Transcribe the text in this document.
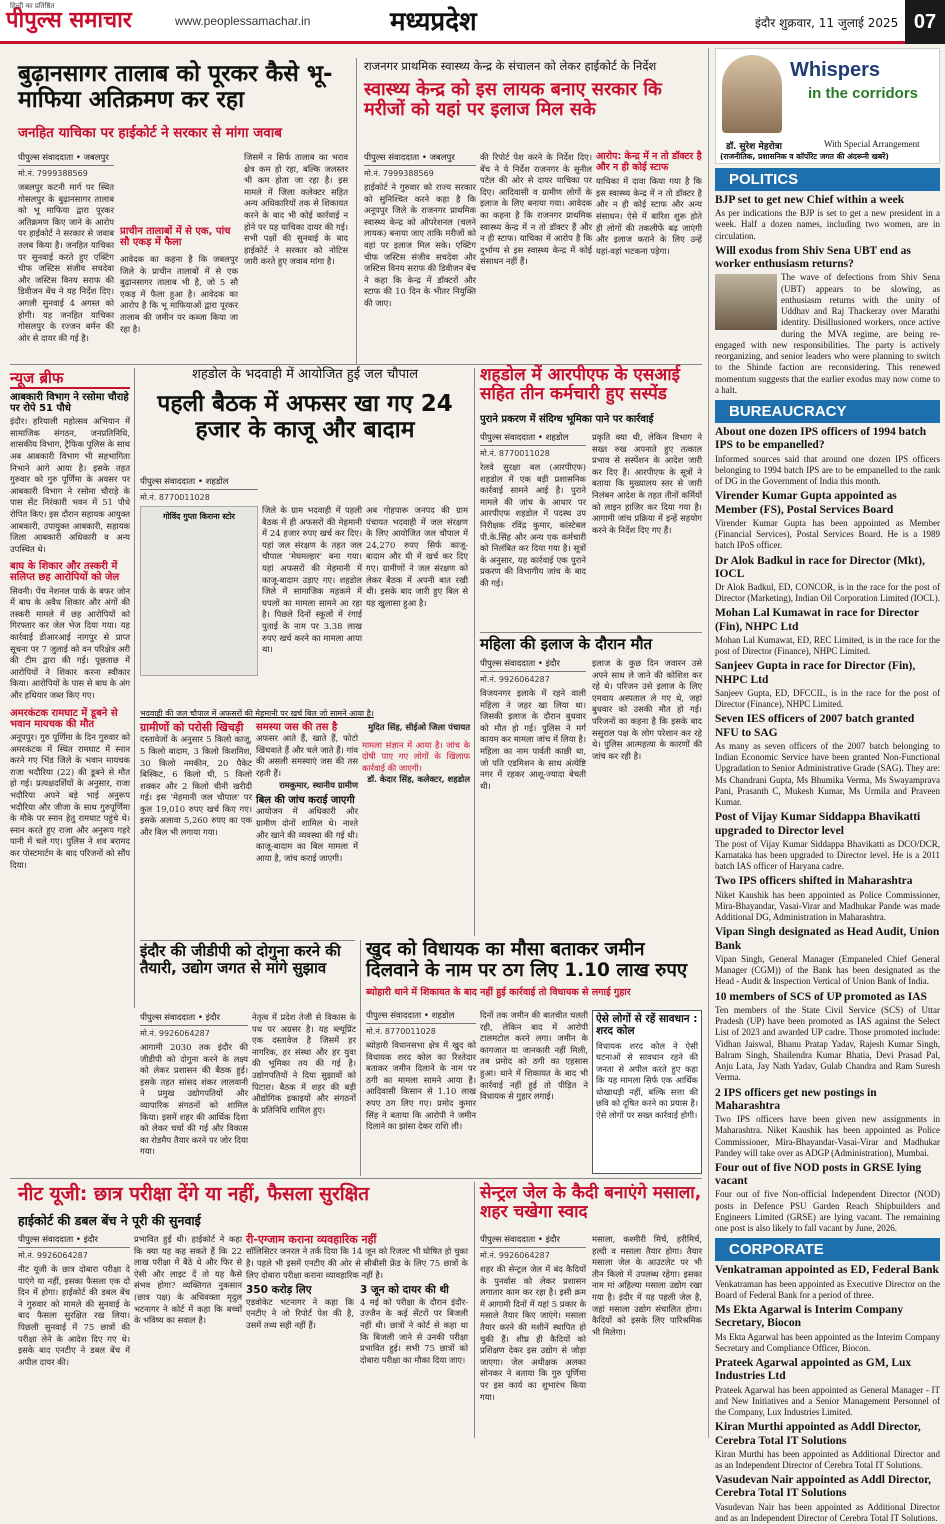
हिन्दी का प्रतिष्ठित
पीपुल्स समाचार	www.peoplessamachar.in	मध्यप्रदेश	इंदौर शुक्रवार, 11 जुलाई 2025 07
बुढ़ानसागर तालाब को पूरकर कैसे भू- माफिया अतिक्रमण कर रहा
जनहित याचिका पर हाईकोर्ट ने सरकार से मांगा जवाब
पीपुल्स संवाददाता • जबलपुर
मो.नं. 7999388569
जबलपुर कटनी मार्ग पर स्थित गोसलपुर के बुढ़ानसागर तालाब को भू माफिया द्वारा पूरकर अतिक्रमण किए जाने के आरोप पर हाईकोर्ट ने सरकार से जवाब तलब किया है। जनहित याचिका पर सुनवाई करते हुए एक्टिंग चीफ जस्टिस संजीव सचदेवा और जस्टिस विनय सराफ की डिवीजन बेंच ने यह निर्देश दिए। अगली सुनवाई 4 अगस्त को होगी। यह जनहित याचिका गोसलपुर के रज्जन बर्मन की ओर से दायर की गई है।
प्राचीन तालाबों में से एक, पांच सौ एकड़ में फैला
आवेदक का कहना है कि जबलपुर जिले के प्राचीन तालाबों में से एक बुढ़ानसागर तालाब भी है, जो 5 सौ एकड़ में फैला हुआ है। आवेदक का आरोप है कि भू माफियाओं द्वारा पूरकर तालाब की जमीन पर कब्जा किया जा रहा है।
जिसमें न सिर्फ तालाब का भराव क्षेत्र कम हो रहा, बल्कि जलस्तर भी कम होता जा रहा है। इस मामले में जिला कलेक्टर सहित अन्य अधिकारियों तक से शिकायत करने के बाद भी कोई कार्रवाई न होने पर यह याचिका दायर की गई। सभी पक्षों की सुनवाई के बाद हाईकोर्ट ने सरकार को नोटिस जारी करते हुए जवाब मांगा है।
राजनगर प्राथमिक स्वास्थ्य केन्द्र के संचालन को लेकर हाईकोर्ट के निर्देश
स्वास्थ्य केन्द्र को इस लायक बनाए सरकार कि मरीजों को यहां पर इलाज मिल सके
पीपुल्स संवाददाता • जबलपुर
मो.नं. 7999388569
हाईकोर्ट ने गुरुवार को राज्य सरकार को सुनिश्चित करने कहा है कि अनूपपुर जिले के राजनगर प्राथमिक स्वास्थ्य केन्द्र को ऑपरेशनल (चलने लायक) बनाया जाए ताकि मरीजों को वहां पर इलाज मिल सके। एक्टिंग चीफ जस्टिस संजीव सचदेवा और जस्टिस विनय सराफ की डिवीजन बेंच ने कहा कि केन्द्र में डॉक्टरों और स्टाफ की 10 दिन के भीतर नियुक्ति की जाए।
की रिपोर्ट पेश करने के निर्देश दिए। बेंच ने ये निर्देश राजनगर के सुनील पटेल की ओर से दायर याचिका पर दिए। आदिवासी व ग्रामीण लोगों के इलाज के लिए बनाया गया। आवेदक का कहना है कि राजनगर प्राथमिक स्वास्थ्य केन्द्र में न तो डॉक्टर हैं और न ही स्टाफ। याचिका में आरोप है कि दुर्भाग्य से इस स्वास्थ्य केन्द्र में कोई संसाधन नहीं हैं।
आरोप: केन्द्र में न तो डॉक्टर है और न ही कोई स्टाफ
याचिका में दावा किया गया है कि इस स्वास्थ्य केन्द्र में न तो डॉक्टर है और न ही कोई स्टाफ और अन्य संसाधन। ऐसे में बारिश शुरू होते ही लोगों की तकलीफें बढ़ जाएंगी और इलाज कराने के लिए उन्हें यहां-वहां भटकना पड़ेगा।
Whispers
in the corridors
डॉ. सुरेश मेहरोत्रा	With Special Arrangement
(राजनीतिक, प्रशासनिक व कॉर्पोरेट जगत की अंदरूनी खबरें)
POLITICS
BJP set to get new Chief within a week

As per indications the BJP is set to get a new president in a week. Half a dozen names, including two women, are in circulation.

Will exodus from Shiv Sena UBT end as worker enthusiasm returns?

The wave of defections from Shiv Sena (UBT) appears to be slowing, as enthusiasm returns with the unity of Uddhav and Raj Thackeray over Marathi identity. Disillusioned workers, once active during the MVA regime, are being re-engaged with new responsibilities. The party is actively reorganizing, and senior leaders who were planning to switch to the Shinde faction are reconsidering. This renewed momentum suggests that the earlier exodus may now come to a halt.

BUREAUCRACY
About one dozen IPS officers of 1994 batch IPS to be empanelled?

Informed sources said that around one dozen IPS officers belonging to 1994 batch IPS are to be empanelled to the rank of DG in the Government of India this month.

Virender Kumar Gupta appointed as Member (FS), Postal Services Board

Virender Kumar Gupta has been appointed as Member (Financial Services), Postal Services Board. He is a 1989 batch IPoS officer.

Dr Alok Badkul in race for Director (Mkt), IOCL

Dr Alok Badkul, ED, CONCOR, is in the race for the post of Director (Marketing), Indian Oil Corporation Limited (IOCL).

Mohan Lal Kumawat in race for Director (Fin), NHPC Ltd

Mohan Lal Kumawat, ED, REC Limited, is in the race for the post of Director (Finance), NHPC Limited.

Sanjeev Gupta in race for Director (Fin), NHPC Ltd

Sanjeev Gupta, ED, DFCCIL, is in the race for the post of Director (Finance), NHPC Limited.

Seven IES officers of 2007 batch granted NFU to SAG

As many as seven officers of the 2007 batch belonging to Indian Economic Service have been granted Non-Functional Upgradation to Senior Administrative Grade (SAG). They are: Ms Chandrani Gupta, Ms Bhumika Verma, Ms Swayamprava Pani, Prasanth C, Mukesh Kumar, Ms Urmila and Praveen Kumar.

Post of Vijay Kumar Siddappa Bhavikatti upgraded to Director level

The post of Vijay Kumar Siddappa Bhavikatti as DCO/DCR, Karnataka has been upgraded to Director level. He is a 2011 batch IAS officer of Haryana cadre.

Two IPS officers shifted in Maharashtra

Niket Kaushik has been appointed as Police Commissioner, Mira-Bhayandar, Vasai-Virar and Madhukar Pande was made Additional DG, Administration in Maharashtra.

Vipan Singh designated as Head Audit, Union Bank

Vipan Singh, General Manager (Empaneled Chief General Manager (CGM)) of the Bank has been designated as the Head - Audit & Inspection Vertical of Union Bank of India.

10 members of SCS of UP promoted as IAS

Ten members of the State Civil Service (SCS) of Uttar Pradesh (UP) have been promoted as IAS against the Select List of 2023 and awarded UP cadre. Those promoted include: Vidhan Jaiswal, Bhanu Pratap Yadav, Rajesh Kumar Singh, Balram Singh, Shailendra Kumar Bhatia, Devi Prasad Pal, Anju Lata, Jay Nath Yadav, Gulab Chandra and Ram Suresh Verma.

2 IPS officers get new postings in Maharashtra

Two IPS officers have been given new assignments in Maharashtra. Niket Kaushik has been appointed as Police Commissioner, Mira-Bhayandar-Vasai-Virar and Madhukar Pandey will take over as ADGP (Administration), Mumbai.

Four out of five NOD posts in GRSE lying vacant

Four out of five Non-official Independent Director (NOD) posts in Defence PSU Garden Reach Shipbuilders and Engineers Limited (GRSE) are lying vacant. The remaining one post is also likely to fall vacant by June, 2026.

CORPORATE
Venkatraman appointed as ED, Federal Bank

Venkatraman has been appointed as Executive Director on the Board of Federal Bank for a period of three.

Ms Ekta Agarwal is Interim Company Secretary, Biocon

Ms Ekta Agarwal has been appointed as the Interim Company Secretary and Compliance Officer, Biocon.

Prateek Agarwal appointed as GM, Lux Industries Ltd

Prateek Agarwal has been appointed as General Manager - IT and New Initiatives and a Senior Management Personnel of the Company, Lux Industries Limited.

Kiran Murthi appointed as Addl Director, Cerebra Total IT Solutions

Kiran Murthi has been appointed as Additional Director and as an Independent Director of Cerebra Total IT Solutions.

Vasudevan Nair appointed as Addl Director, Cerebra Total IT Solutions

Vasudevan Nair has been appointed as Additional Director and as an Independent Director of Cerebra Total IT Solutions.

न्यूज ब्रीफ
आबकारी विभाग ने रसोमा चौराहे पर रोपे 51 पौधे
इंदौर। हरियाली महोत्सव अभियान में सामाजिक संगठन, जनप्रतिनिधि, शासकीय विभाग, ट्रैफिक पुलिस के साथ अब आबकारी विभाग भी सहभागिता निभाने आगे आया है। इसके तहत गुरुवार को गुरु पूर्णिमा के अवसर पर आबकारी विभाग ने रसोमा चौराहे के पास सेंट निरंकारी भवन में 51 पौधे रोपित किए। इस दौरान सहायक आयुक्त आबकारी, उपायुक्त आबकारी, सहायक जिला आबकारी अधिकारी व अन्य उपस्थित थे।
बाघ के शिकार और तस्करी में सलिप्त छह आरोपियों को जेल
सिवनी। पेंच नेशनल पार्क के बफर जोन में बाघ के अवैध शिकार और अंगों की तस्करी मामले में छह आरोपियों को गिरफ्तार कर जेल भेज दिया गया। यह कार्रवाई डीआरआई नागपुर से प्राप्त सूचना पर 7 जुलाई को वन परिक्षेत्र अरी की टीम द्वारा की गई। पूछताछ में आरोपियों ने शिकार करना स्वीकार किया। आरोपियों के पास से बाघ के अंग और हथियार जब्त किए गए।
अमरकंटक रामघाट में डूबने से भवान मायचक की मौत
अनूपपुर। गुरु पूर्णिमा के दिन गुरुवार को अमरकंटक में स्थित रामघाट में स्नान करने गए भिंड जिले के भवान मायचक राजा भदौरिया (22) की डूबने से मौत हो गई। प्रत्यक्षदर्शियों के अनुसार, राजा भदौरिया अपने बड़े भाई अनुरूप भदौरिया और जीजा के साथ गुरुपूर्णिमा के मौके पर स्नान हेतु रामघाट पहुंचे थे। स्नान करते हुए राजा और अनुरूप गहरे पानी में चले गए। पुलिस ने शव बरामद कर पोस्टमार्टम के बाद परिजनों को सौंप दिया।
शहडोल के भदवाही में आयोजित हुई जल चौपाल
पहली बैठक में अफसर खा गए 24 हजार के काजू और बादाम
पीपुल्स संवाददाता • शहडोल
मो.नं. 8770011028
गोविंद गुप्ता किराना स्टोर
जिले के ग्राम भदवाही में पहली बैठक में ही अफसरों की मेहमानी में 24 हजार रुपए खर्च कर दिए। यहां जल संरक्षण के तहत जल चौपाल 'मेघमल्हार' बना गया। यहां अफसरों की मेहमानी में काजू-बादाम उड़ाए गए। शहडोल जिले में सामाजिक महकमे में घपलों का मामला सामने आ रहा है। पिछले दिनों स्कूलों में रंगाई पुताई के नाम पर 3.38 लाख रुपए खर्च करने का मामला आया था।
अब गोहपारू जनपद की ग्राम पंचायत भदवाही में जल संरक्षण के लिए आयोजित जल चौपाल में 24,270 रुपए सिर्फ काजू-बादाम और घी में खर्च कर दिए गए। ग्रामीणों ने जल संरक्षण को लेकर बैठक में अपनी बात रखी थी। इसके बाद जारी हुए बिल से यह खुलासा हुआ है।
भदवाही की जल चौपाल में अफसरों की मेहमानी पर खर्च बिल जो सामने आया है।
ग्रामीणों को परोसी खिचड़ी
दस्तावेजों के अनुसार 5 किलो काजू, 5 किलो बादाम, 3 किलो किशमिश, 30 किलो नमकीन, 20 पैकेट बिस्किट, 6 किलो घी, 5 किलो शक्कर और 2 किलो चीनी खरीदी गई। इस 'मेहमानी जल चौपाल' पर कुल 19,010 रुपए खर्च किए गए। इसके अलावा 5,260 रुपए का एक और बिल भी लगाया गया।
समस्या जस की तस है
अफसर आते हैं, खाते हैं, फोटो खिंचवाते हैं और चले जाते हैं। गांव की असली समस्याएं जस की तस रहती हैं।
रामकुमार, स्थानीय ग्रामीण
बिल की जांच कराई जाएगी
आयोजन में अधिकारी और ग्रामीण दोनों शामिल थे। नाश्ते और खाने की व्यवस्था की गई थी। काजू-बादाम का बिल मामला में आया है, जांच कराई जाएगी।
मुदित सिंह, सीईओ जिला पंचायत
मामला संज्ञान में आया है। जांच के दोषी पाए गए लोगों के खिलाफ कार्रवाई की जाएगी।
डॉ. केदार सिंह, कलेक्टर, शहडोल
शहडोल में आरपीएफ के एसआई सहित तीन कर्मचारी हुए सस्पेंड
पुराने प्रकरण में संदिग्ध भूमिका पाने पर कार्रवाई
पीपुल्स संवाददाता • शहडोल
मो.नं. 8770011028
रेलवे सुरक्षा बल (आरपीएफ) शहडोल में एक बड़ी प्रशासनिक कार्रवाई सामने आई है। पुराने मामले की जांच के आधार पर आरपीएफ शहडोल में पदस्थ उप निरीक्षक रविंद्र कुमार, कांस्टेबल पी.के.सिंह और अन्य एक कर्मचारी को निलंबित कर दिया गया है। सूत्रों के अनुसार, यह कार्रवाई एक पुराने प्रकरण की विभागीय जांच के बाद की गई।
प्रकृति क्या थी, लेकिन विभाग ने सख्त रुख अपनाते हुए तत्काल प्रभाव से सस्पेंशन के आदेश जारी कर दिए हैं। आरपीएफ के सूत्रों ने बताया कि मुख्यालय स्तर से जारी निलंबन आदेश के तहत तीनों कर्मियों को लाइन हाजिर कर दिया गया है। आगामी जांच प्रक्रिया में इन्हें सहयोग करने के निर्देश दिए गए हैं।
महिला की इलाज के दौरान मौत
पीपुल्स संवाददाता • इंदौर
मो.नं. 9926064287
विजयनगर इलाके में रहने वाली महिला ने जहर खा लिया था। जिसकी इलाज के दौरान बुधवार को मौत हो गई। पुलिस ने मर्ग कायम कर मामला जांच में लिया है। महिला का नाम पार्वती काछी था, जो पति एडमिशन के साथ अंत्येष्टि नगर में रहकर आशू-ज्यादा बेचती थी।
इलाज के कुछ दिन जवारन उसे अपने साथ ले जाने की कोशिश कर रहे थे। परिजन उसे इलाज के लिए एमवाय अस्पताल ले गए थे, जहां बुधवार को उसकी मौत हो गई। परिजनों का कहना है कि इसके बाद ससुराल पक्ष के लोग परेशान कर रहे थे। पुलिस आत्महत्या के कारणों की जांच कर रही है।
इंदौर की जीडीपी को दोगुना करने की तैयारी, उद्योग जगत से मांगे सुझाव
पीपुल्स संवाददाता • इंदौर
मो.नं. 9926064287
आगामी 2030 तक इंदौर की जीडीपी को दोगुना करने के लक्ष्य को लेकर प्रशासन की बैठक हुई। इसके तहत सांसद शंकर लालवानी ने प्रमुख उद्योगपतियों और व्यापारिक संगठनों को शामिल किया। इसमें शहर की आर्थिक दिशा को लेकर चर्चा की गई और विकास का रोडमैप तैयार करने पर जोर दिया गया।
नेतृत्व में प्रदेश तेजी से विकास के पथ पर अग्रसर है। यह ब्ल्यूप्रिंट एक दस्तावेज है जिसमें हर नागरिक, हर संस्था और हर युवा की भूमिका तय की गई है। उद्योगपतियों ने दिया सुझावों को पिटारा। बैठक में शहर की बड़ी औद्योगिक इकाइयों और संगठनों के प्रतिनिधि शामिल हुए।
खुद को विधायक का मौसा बताकर जमीन दिलवाने के नाम पर ठग लिए 1.10 लाख रुपए
ब्योहारी थाने में शिकायत के बाद नहीं हुई कार्रवाई तो विधायक से लगाई गुहार
पीपुल्स संवाददाता • शहडोल
मो.नं. 8770011028
ब्योहारी विधानसभा क्षेत्र में खुद को विधायक शरद कोल का रिश्तेदार बताकर जमीन दिलाने के नाम पर ठगी का मामला सामने आया है। आदिवासी किसान से 1.10 लाख रुपए ठग लिए गए। प्रमोद कुमार सिंह ने बताया कि आरोपी ने जमीन दिलाने का झांसा देकर राशि ली।
दिनों तक जमीन की बातचीत चलती रही, लेकिन बाद में आरोपी टालमटोल करने लगा। जमीन के कागजात या जानकारी नहीं मिली, तब प्रमोद को ठगी का एहसास हुआ। थाने में शिकायत के बाद भी कार्रवाई नहीं हुई तो पीड़ित ने विधायक से गुहार लगाई।
ऐसे लोगों से रहें सावधान : शरद कोल
विधायक शरद कोल ने ऐसी घटनाओं से सावधान रहने की जनता से अपील करते हुए कहा कि यह मामला सिर्फ एक आर्थिक धोखाधड़ी नहीं, बल्कि सत्ता की छवि को दूषित करने का प्रयास है। ऐसे लोगों पर सख्त कार्रवाई होगी।
नीट यूजी: छात्र परीक्षा देंगे या नहीं, फैसला सुरक्षित
हाईकोर्ट की डबल बेंच ने पूरी की सुनवाई
पीपुल्स संवाददाता • इंदौर
मो.नं. 9926064287
नीट यूजी के छात्र दोबारा परीक्षा दे पाएंगे या नहीं, इसका फैसला एक दो दिन में होगा। हाईकोर्ट की डबल बेंच ने गुरुवार को मामले की सुनवाई के बाद फैसला सुरक्षित रख लिया। पिछली सुनवाई में 75 छात्रों की परीक्षा लेने के आदेश दिए गए थे। इसके बाद एनटीए ने डबल बेंच में अपील दायर की।
प्रभावित हुई थी। हाईकोर्ट ने कहा कि क्या यह कह सकते हैं कि 22 लाख परीक्षा में बैठे थे और फिर से ऐसी और लाइट दें तो यह कैसे संभव होगा? व्यक्तिगत नुकसान (छात्र पक्ष) के अधिवक्ता मृदुल भटनागर ने कोर्ट में कहा कि बच्चों के भविष्य का सवाल है।
री-एग्जाम कराना व्यवहारिक नहीं
सॉलिसिटर जनरल ने तर्क दिया कि 14 जून को रिजल्ट भी घोषित हो चुका है। पहले भी इसमें एनटीए की ओर से सीबीसी फ्रेंड के लिए 75 छात्रों के लिए दोबारा परीक्षा कराना व्यावहारिक नहीं है।
350 करोड़ लिए
एडवोकेट भटनागर ने कहा कि एनटीए ने जो रिपोर्ट पेश की है, उसमें तथ्य सही नहीं हैं।
3 जून को दायर की थी
4 मई को परीक्षा के दौरान इंदौर-उज्जैन के कई सेंटरों पर बिजली नहीं थी। छात्रों ने कोर्ट से कहा था कि बिजली जाने से उनकी परीक्षा प्रभावित हुई। सभी 75 छात्रों को दोबारा परीक्षा का मौका दिया जाए।
सेन्ट्रल जेल के कैदी बनाएंगे मसाला, शहर चखेगा स्वाद
पीपुल्स संवाददाता • इंदौर
मो.नं. 9926064287
शहर की सेन्ट्रल जेल में बंद कैदियों के पुनर्वास को लेकर प्रशासन लगातार काम कर रहा है। इसी क्रम में आगामी दिनों में यहां 5 प्रकार के मसाले तैयार किए जाएंगे। मसाला तैयार करने की मशीनें स्थापित हो चुकी हैं। शीघ्र ही कैदियों को प्रशिक्षण देकर इस उद्योग से जोड़ा जाएगा। जेल अधीक्षक अलका सोनकर ने बताया कि गुरु पूर्णिमा पर इस कार्य का शुभारंभ किया गया।
मसाला, कश्मीरी मिर्च, हरीमिर्च, हल्दी व मसाला तैयार होगा। तैयार मसाला जेल के आउटलेट पर भी तीन किलो में उपलब्ध रहेगा। इसका नाम मां अहिल्या मसाला उद्योग रखा गया है। इंदौर में यह पहली जेल है, जहां मसाला उद्योग संचालित होगा। कैदियों को इसके लिए पारिश्रमिक भी मिलेगा।
